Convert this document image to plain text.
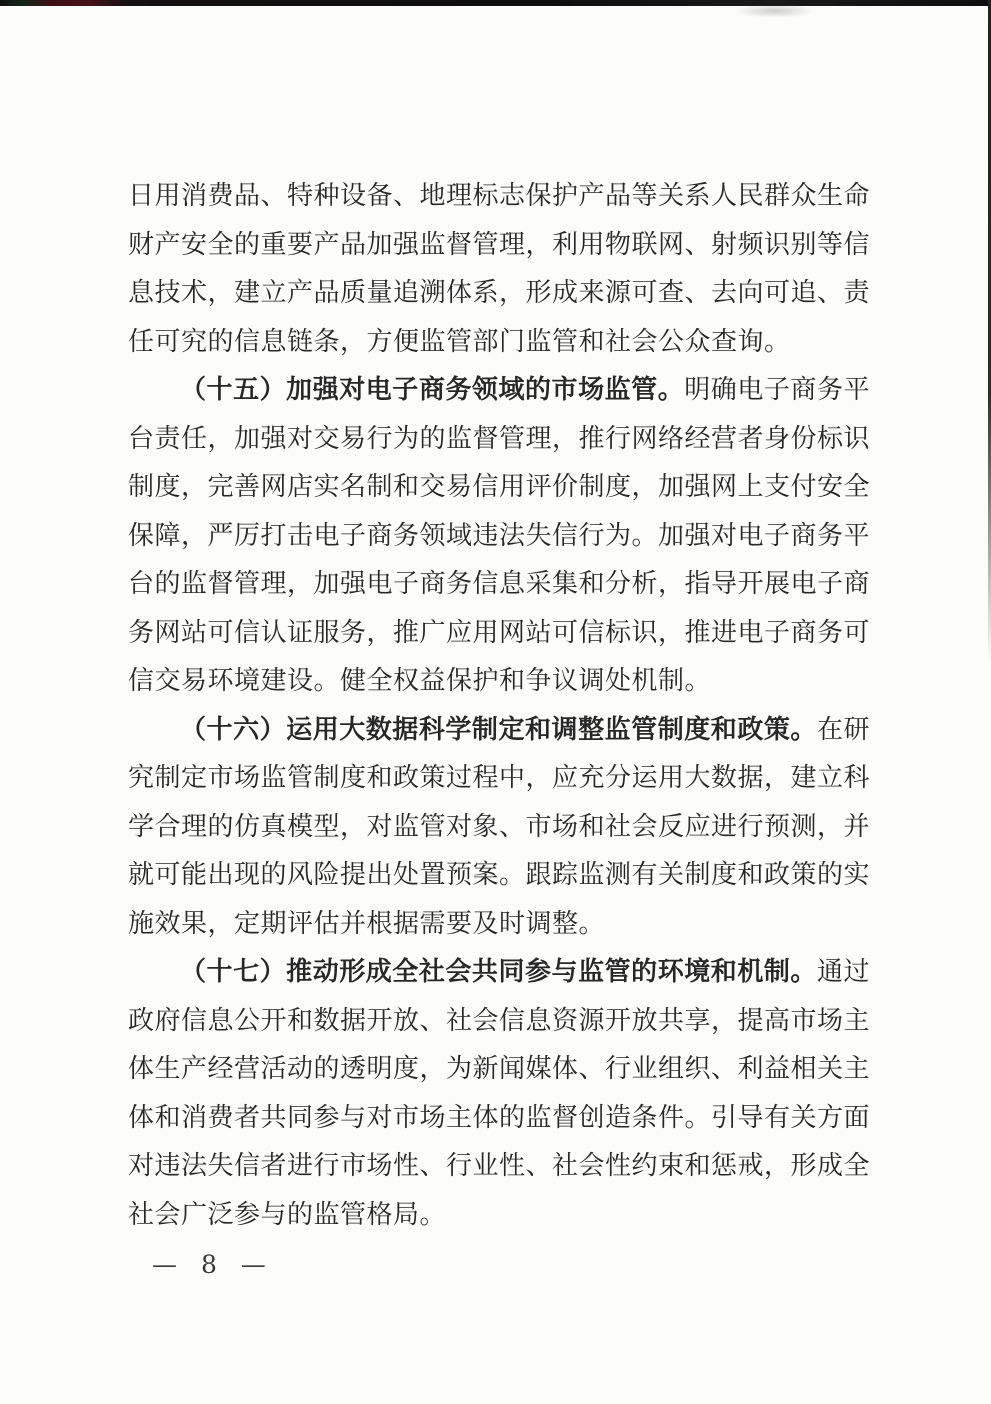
日用消费品、特种设备、地理标志保护产品等关系人民群众生命
财产安全的重要产品加强监督管理，利用物联网、射频识别等信
息技术，建立产品质量追溯体系，形成来源可查、去向可追、责
任可究的信息链条，方便监管部门监管和社会公众查询。
（十五）加强对电子商务领域的市场监管。明确电子商务平
台责任，加强对交易行为的监督管理，推行网络经营者身份标识
制度，完善网店实名制和交易信用评价制度，加强网上支付安全
保障，严厉打击电子商务领域违法失信行为。加强对电子商务平
台的监督管理，加强电子商务信息采集和分析，指导开展电子商
务网站可信认证服务，推广应用网站可信标识，推进电子商务可
信交易环境建设。健全权益保护和争议调处机制。
（十六）运用大数据科学制定和调整监管制度和政策。在研
究制定市场监管制度和政策过程中，应充分运用大数据，建立科
学合理的仿真模型，对监管对象、市场和社会反应进行预测，并
就可能出现的风险提出处置预案。跟踪监测有关制度和政策的实
施效果，定期评估并根据需要及时调整。
（十七）推动形成全社会共同参与监管的环境和机制。通过
政府信息公开和数据开放、社会信息资源开放共享，提高市场主
体生产经营活动的透明度，为新闻媒体、行业组织、利益相关主
体和消费者共同参与对市场主体的监督创造条件。引导有关方面
对违法失信者进行市场性、行业性、社会性约束和惩戒，形成全
社会广泛参与的监管格局。
— 8 —
